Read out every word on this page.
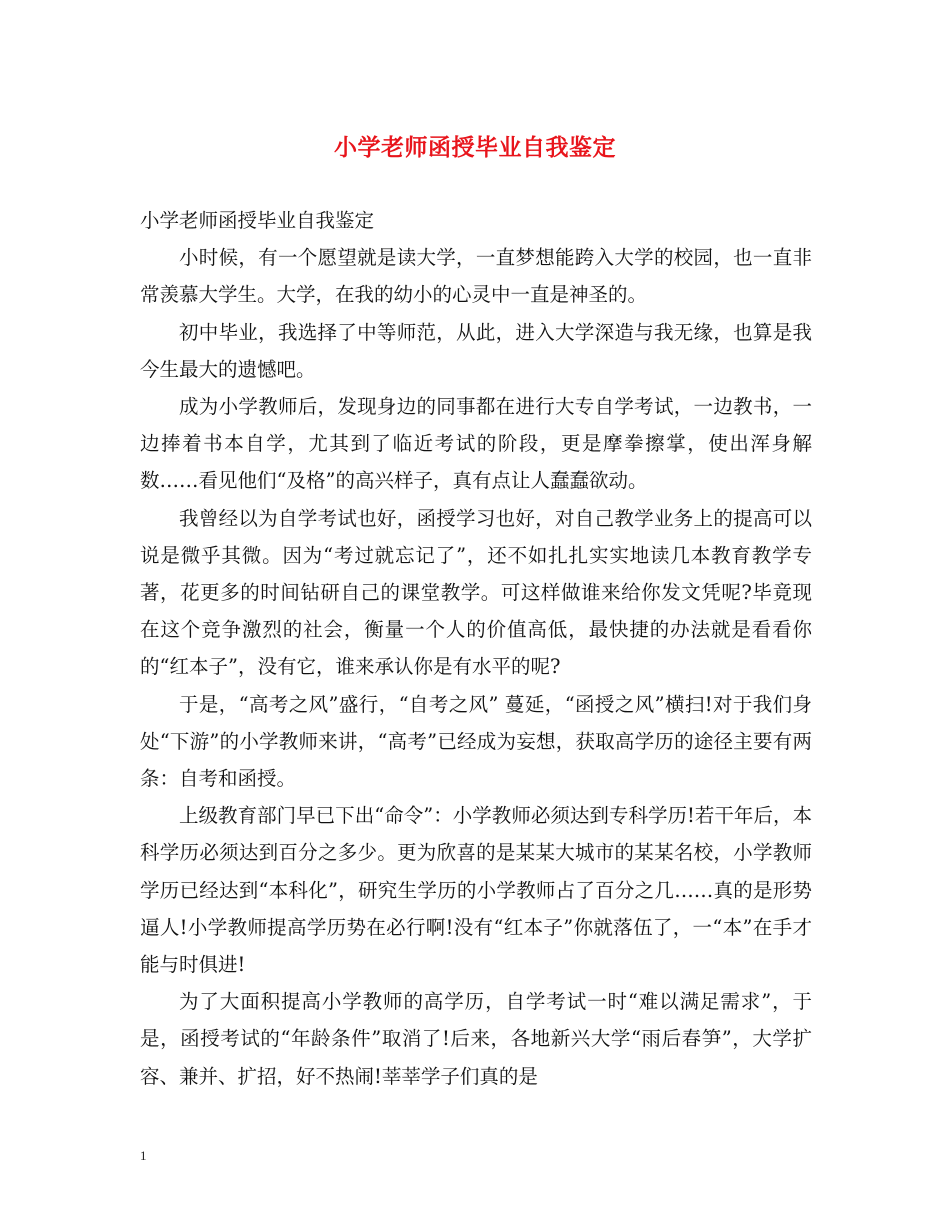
小学老师函授毕业自我鉴定

小学老师函授毕业自我鉴定

小时候，有一个愿望就是读大学，一直梦想能跨入大学的校园，也一直非常羡慕大学生。大学，在我的幼小的心灵中一直是神圣的。

初中毕业，我选择了中等师范，从此，进入大学深造与我无缘，也算是我今生最大的遗憾吧。

成为小学教师后，发现身边的同事都在进行大专自学考试，一边教书，一边捧着书本自学，尤其到了临近考试的阶段，更是摩拳擦掌，使出浑身解数……看见他们“及格”的高兴样子，真有点让人蠢蠢欲动。

我曾经以为自学考试也好，函授学习也好，对自己教学业务上的提高可以说是微乎其微。因为“考过就忘记了”，还不如扎扎实实地读几本教育教学专著，花更多的时间钻研自己的课堂教学。可这样做谁来给你发文凭呢?毕竟现在这个竞争激烈的社会，衡量一个人的价值高低，最快捷的办法就是看看你的“红本子”，没有它，谁来承认你是有水平的呢?

于是，“高考之风”盛行，“自考之风” 蔓延，“函授之风”横扫!对于我们身处“下游”的小学教师来讲，“高考”已经成为妄想，获取高学历的途径主要有两条：自考和函授。

上级教育部门早已下出“命令”：小学教师必须达到专科学历!若干年后，本科学历必须达到百分之多少。更为欣喜的是某某大城市的某某名校，小学教师学历已经达到“本科化”，研究生学历的小学教师占了百分之几……真的是形势逼人!小学教师提高学历势在必行啊!没有“红本子”你就落伍了，一“本”在手才能与时俱进!

为了大面积提高小学教师的高学历，自学考试一时“难以满足需求”，于是，函授考试的“年龄条件”取消了!后来，各地新兴大学“雨后春笋”，大学扩容、兼并、扩招，好不热闹!莘莘学子们真的是

1
